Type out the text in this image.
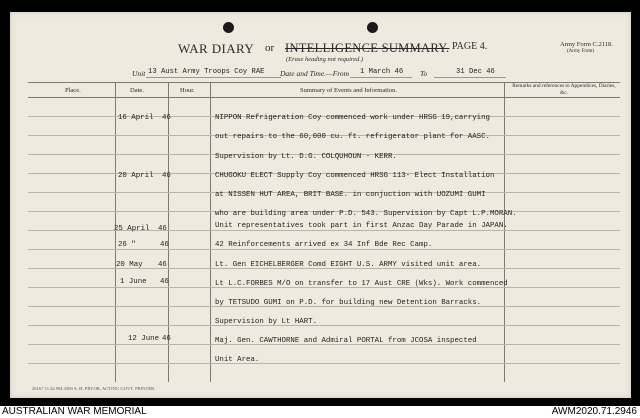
WAR DIARY or INTELLIGENCE SUMMARY. PAGE 4.
(Erase heading not required.)
Army Form C.2118.
(Army Form)
Unit 13 Aust Army Troops Coy RAE Date and Time.—From 1 March 46 To	31 Dec 46
Place.	Date.	Hour.	Summary of Events and Information.
Remarks and references to Appendices, Diaries, &c.
16 April 46	NIPPON Refrigeration Coy commenced work under HRSG 19,carrying
out repairs to the 60,000 cu. ft. refrigerator plant for AASC.
Supervision by Lt. D.G. COLQUHOUN - KERR.
20 April 46	CHUGOKU ELECT Supply Coy commenced HRSG 113- Elect Installation
at NISSEN HUT AREA, BRIT BASE. in conjuction with UOZUMI GUMI
who are building area under P.D. 543. Supervision by Capt L.P.MORAN.
25 April 46	Unit representatives took part in first Anzac Day Parade in JAPAN.
26 "	46	42 Reinforcements arrived ex 34 Inf Bde Rec Camp.
20 May 46	Lt. Gen EICHELBERGER Comd EIGHT U.S. ARMY visited unit area.
1 June 46	Lt L.C.FORBES M/O on transfer to 17 Aust CRE (Wks). Work commenced
by TETSUDO GUMI on P.D. for building new Detention Barracks.
Supervision by Lt HART.
12 June 46	Maj. Gen. CAWTHORNE and Admiral PORTAL from JCOSA inspected
Unit Area.
26167 11.42 9M 4369 A. H. PRYOR, ACTING GOVT. PRINTER.
AUSTRALIAN WAR MEMORIAL	AWM2020.71.2946
